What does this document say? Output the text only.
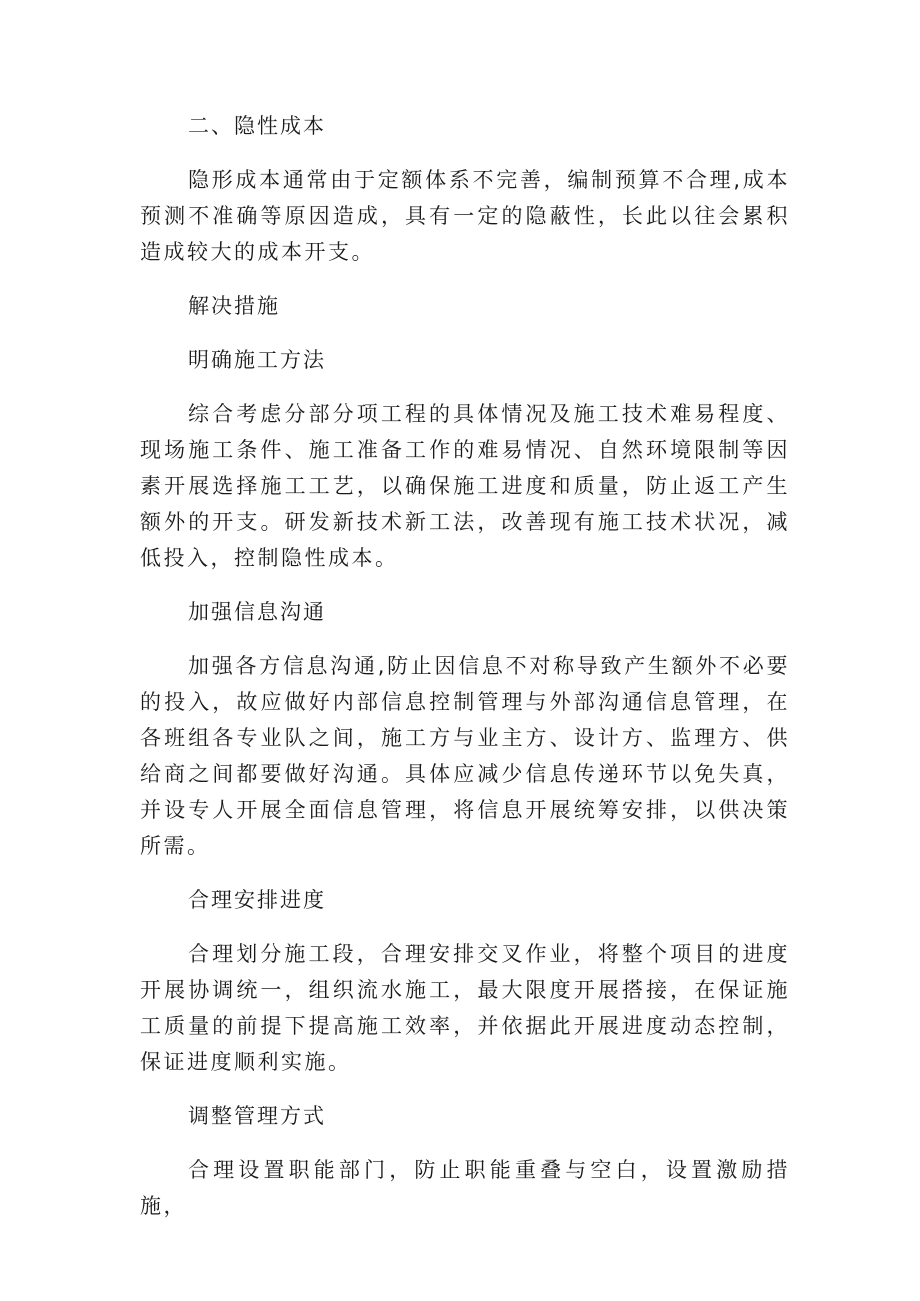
二、隐性成本

隐形成本通常由于定额体系不完善，编制预算不合理,成本预测不准确等原因造成，具有一定的隐蔽性，长此以往会累积造成较大的成本开支。

解决措施

明确施工方法

综合考虑分部分项工程的具体情况及施工技术难易程度、现场施工条件、施工准备工作的难易情况、自然环境限制等因素开展选择施工工艺，以确保施工进度和质量，防止返工产生额外的开支。研发新技术新工法，改善现有施工技术状况，减低投入，控制隐性成本。

加强信息沟通

加强各方信息沟通,防止因信息不对称导致产生额外不必要的投入，故应做好内部信息控制管理与外部沟通信息管理，在各班组各专业队之间，施工方与业主方、设计方、监理方、供给商之间都要做好沟通。具体应减少信息传递环节以免失真，并设专人开展全面信息管理，将信息开展统筹安排，以供决策所需。

合理安排进度

合理划分施工段，合理安排交叉作业，将整个项目的进度开展协调统一，组织流水施工，最大限度开展搭接，在保证施工质量的前提下提高施工效率，并依据此开展进度动态控制，保证进度顺利实施。

调整管理方式

合理设置职能部门，防止职能重叠与空白，设置激励措施，
